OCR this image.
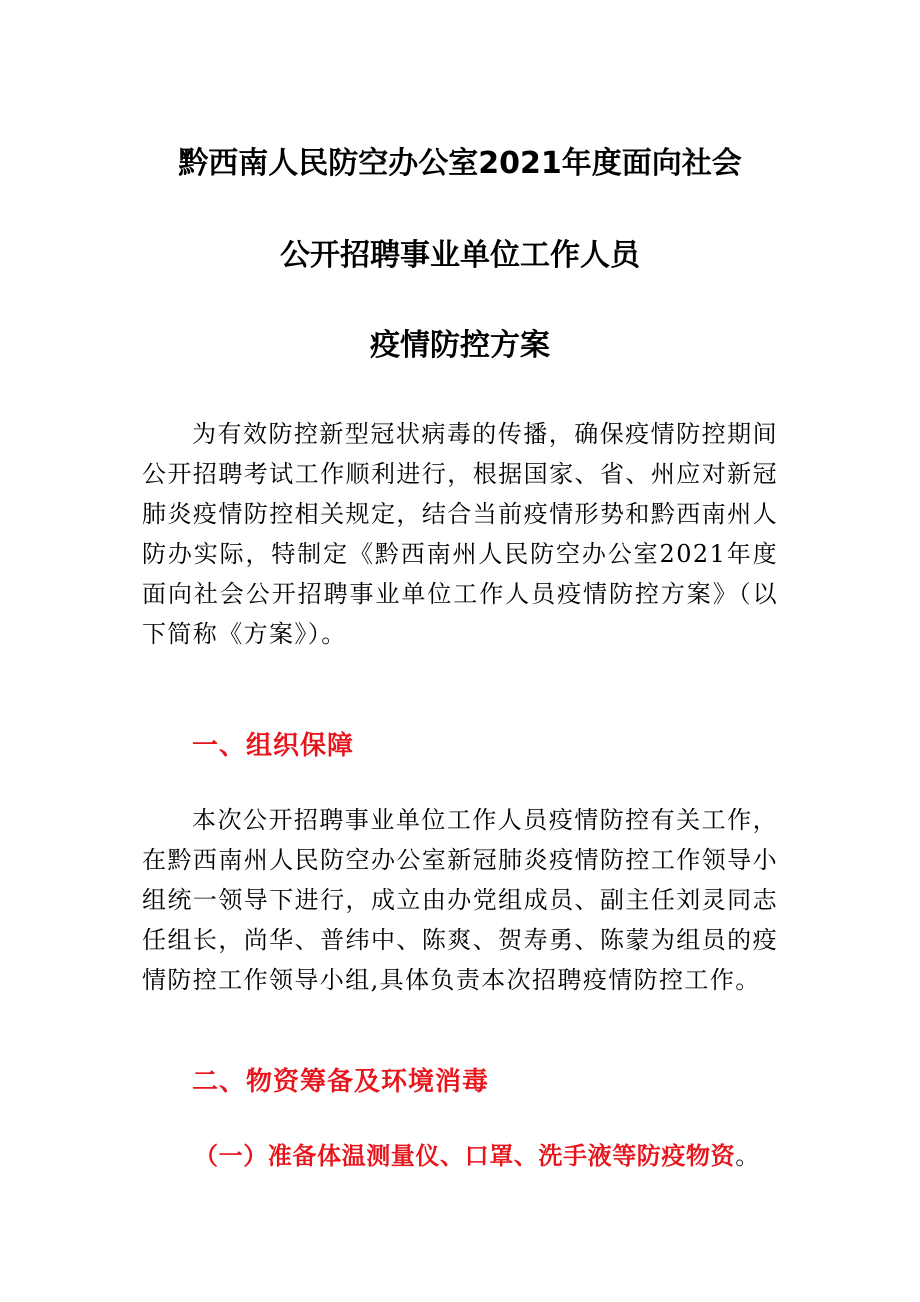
黔西南人民防空办公室2021年度面向社会
公开招聘事业单位工作人员
疫情防控方案

为有效防控新型冠状病毒的传播，确保疫情防控期间公开招聘考试工作顺利进行，根据国家、省、州应对新冠肺炎疫情防控相关规定，结合当前疫情形势和黔西南州人防办实际，特制定《黔西南州人民防空办公室2021年度面向社会公开招聘事业单位工作人员疫情防控方案》（以下简称《方案》）。

一、组织保障

本次公开招聘事业单位工作人员疫情防控有关工作，在黔西南州人民防空办公室新冠肺炎疫情防控工作领导小组统一领导下进行，成立由办党组成员、副主任刘灵同志任组长，尚华、普纬中、陈爽、贺寿勇、陈蒙为组员的疫情防控工作领导小组,具体负责本次招聘疫情防控工作。

二、物资筹备及环境消毒

（一）准备体温测量仪、口罩、洗手液等防疫物资。
